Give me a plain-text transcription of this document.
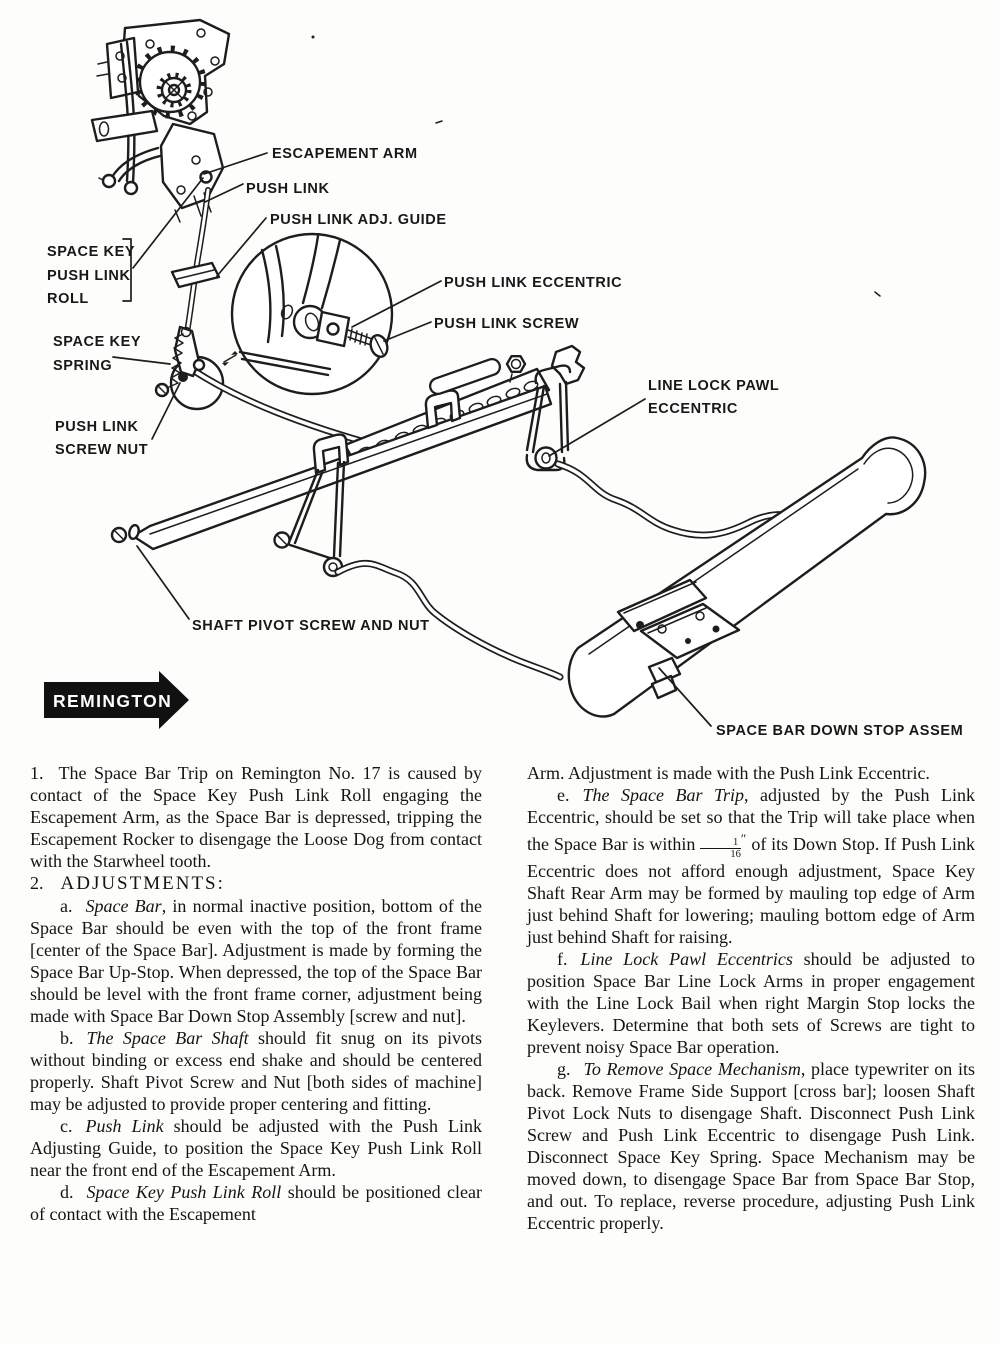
ESCAPEMENT ARM
PUSH LINK
PUSH LINK ADJ. GUIDE
SPACE KEY
PUSH LINK
ROLL
SPACE KEY
SPRING
PUSH LINK ECCENTRIC
PUSH LINK SCREW
LINE LOCK PAWL
ECCENTRIC
PUSH LINK
SCREW NUT
SHAFT PIVOT SCREW AND NUT
SPACE BAR DOWN STOP ASSEM
REMINGTON

1. The Space Bar Trip on Remington No. 17 is caused by contact of the Space Key Push Link Roll engaging the Escapement Arm, as the Space Bar is depressed, tripping the Escapement Rocker to disengage the Loose Dog from contact with the Starwheel tooth.

2. ADJUSTMENTS:

a. Space Bar, in normal inactive position, bottom of the Space Bar should be even with the top of the front frame [center of the Space Bar]. Adjustment is made by forming the Space Bar Up-Stop. When depressed, the top of the Space Bar should be level with the front frame corner, adjustment being made with Space Bar Down Stop Assembly [screw and nut].

b. The Space Bar Shaft should fit snug on its pivots without binding or excess end shake and should be centered properly. Shaft Pivot Screw and Nut [both sides of machine] may be adjusted to provide proper centering and fitting.

c. Push Link should be adjusted with the Push Link Adjusting Guide, to position the Space Key Push Link Roll near the front end of the Escapement Arm.

d. Space Key Push Link Roll should be positioned clear of contact with the Escapement

Arm. Adjustment is made with the Push Link Eccentric.

e. The Space Bar Trip, adjusted by the Push Link Eccentric, should be set so that the Trip will take place when the Space Bar is within $\frac{1}{16} ''$ of its Down Stop. If Push Link Eccentric does not afford enough adjustment, Space Key Shaft Rear Arm may be formed by mauling top edge of Arm just behind Shaft for lowering; mauling bottom edge of Arm just behind Shaft for raising.

f. Line Lock Pawl Eccentrics should be adjusted to position Space Bar Line Lock Arms in proper engagement with the Line Lock Bail when right Margin Stop locks the Keylevers. Determine that both sets of Screws are tight to prevent noisy Space Bar operation.

g. To Remove Space Mechanism, place typewriter on its back. Remove Frame Side Support [cross bar]; loosen Shaft Pivot Lock Nuts to disengage Shaft. Disconnect Push Link Screw and Push Link Eccentric to disengage Push Link. Disconnect Space Key Spring. Space Mechanism may be moved down, to disengage Space Bar from Space Bar Stop, and out. To replace, reverse procedure, adjusting Push Link Eccentric properly.
